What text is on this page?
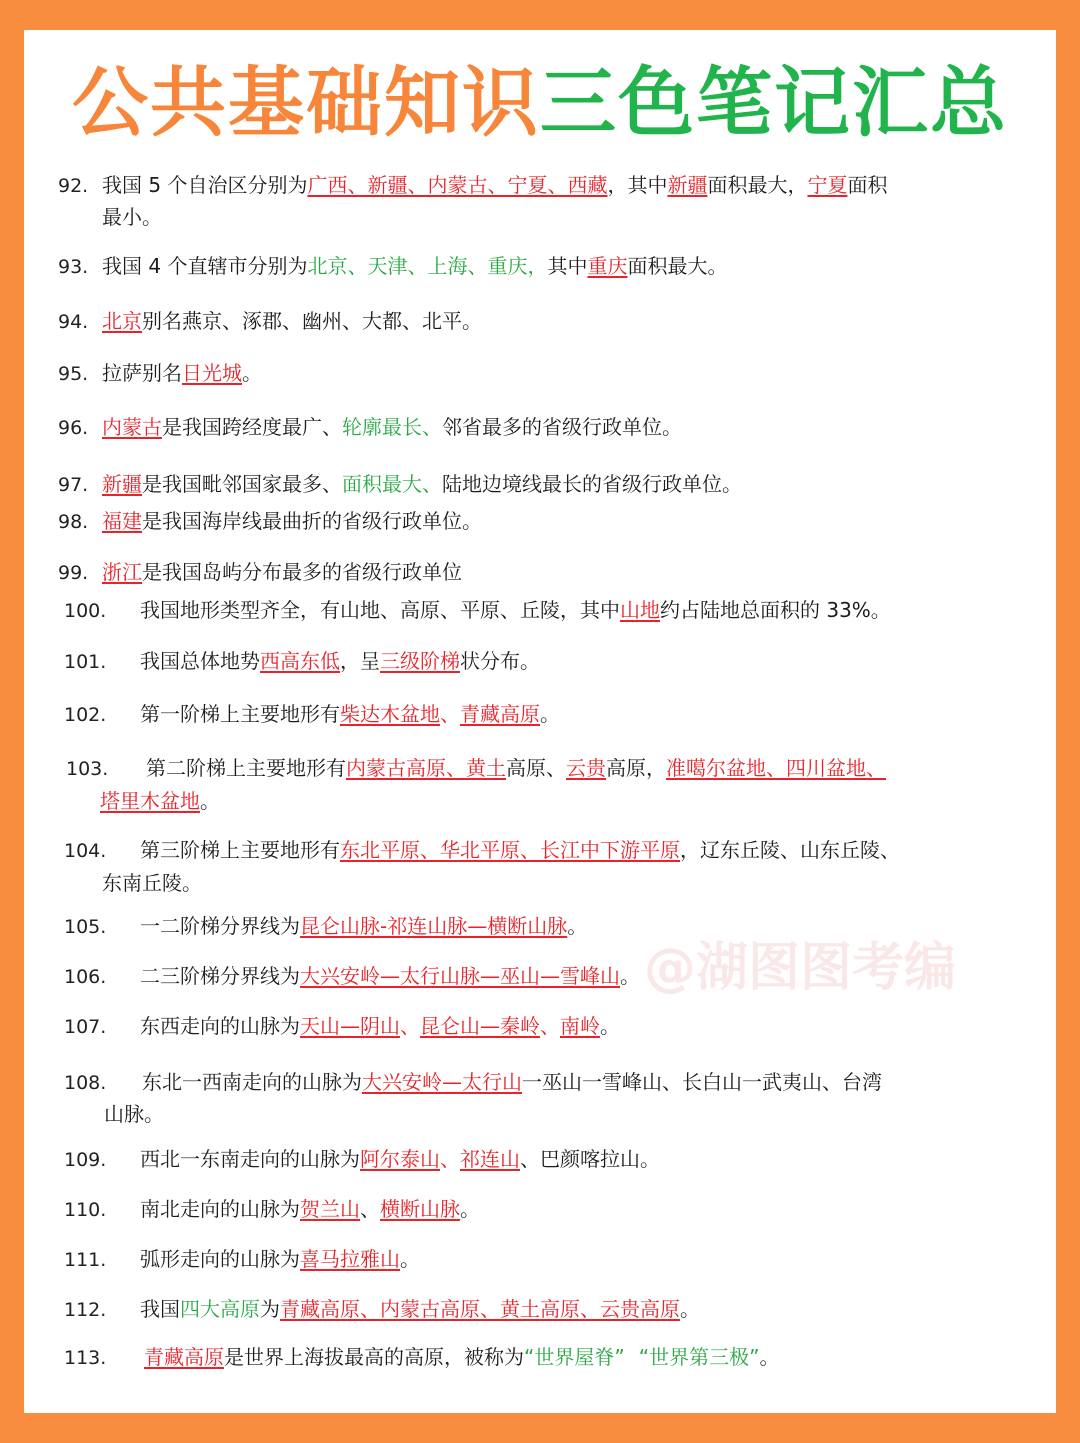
公共基础知识三色笔记汇总
@湖图图考编
92. 我国 5 个自治区分别为广西、新疆、内蒙古、宁夏、西藏，其中新疆面积最大，宁夏面积
最小。
93. 我国 4 个直辖市分别为北京、天津、上海、重庆，其中重庆面积最大。
94. 北京别名燕京、涿郡、幽州、大都、北平。
95. 拉萨别名日光城。
96. 内蒙古是我国跨经度最广、轮廓最长、邻省最多的省级行政单位。
97. 新疆是我国毗邻国家最多、面积最大、陆地边境线最长的省级行政单位。
98. 福建是我国海岸线最曲折的省级行政单位。
99. 浙江是我国岛屿分布最多的省级行政单位
100. 我国地形类型齐全，有山地、高原、平原、丘陵，其中山地约占陆地总面积的 33%。
101. 我国总体地势西高东低，呈三级阶梯状分布。
102. 第一阶梯上主要地形有柴达木盆地、青藏高原。
103. 第二阶梯上主要地形有内蒙古高原、黄土高原、云贵高原，准噶尔盆地、四川盆地、
塔里木盆地。
104. 第三阶梯上主要地形有东北平原、华北平原、长江中下游平原，辽东丘陵、山东丘陵、
东南丘陵。
105. 一二阶梯分界线为昆仑山脉-祁连山脉—横断山脉。
106. 二三阶梯分界线为大兴安岭—太行山脉—巫山—雪峰山。
107. 东西走向的山脉为天山—阴山、昆仑山—秦岭、南岭。
108. 东北一西南走向的山脉为大兴安岭—太行山一巫山一雪峰山、长白山一武夷山、台湾
山脉。
109. 西北一东南走向的山脉为阿尔泰山、祁连山、巴颜喀拉山。
110. 南北走向的山脉为贺兰山、横断山脉。
111. 弧形走向的山脉为喜马拉雅山。
112. 我国四大高原为青藏高原、内蒙古高原、黄土高原、云贵高原。
113. 青藏高原是世界上海拔最高的高原，被称为“世界屋脊” “世界第三极”。
